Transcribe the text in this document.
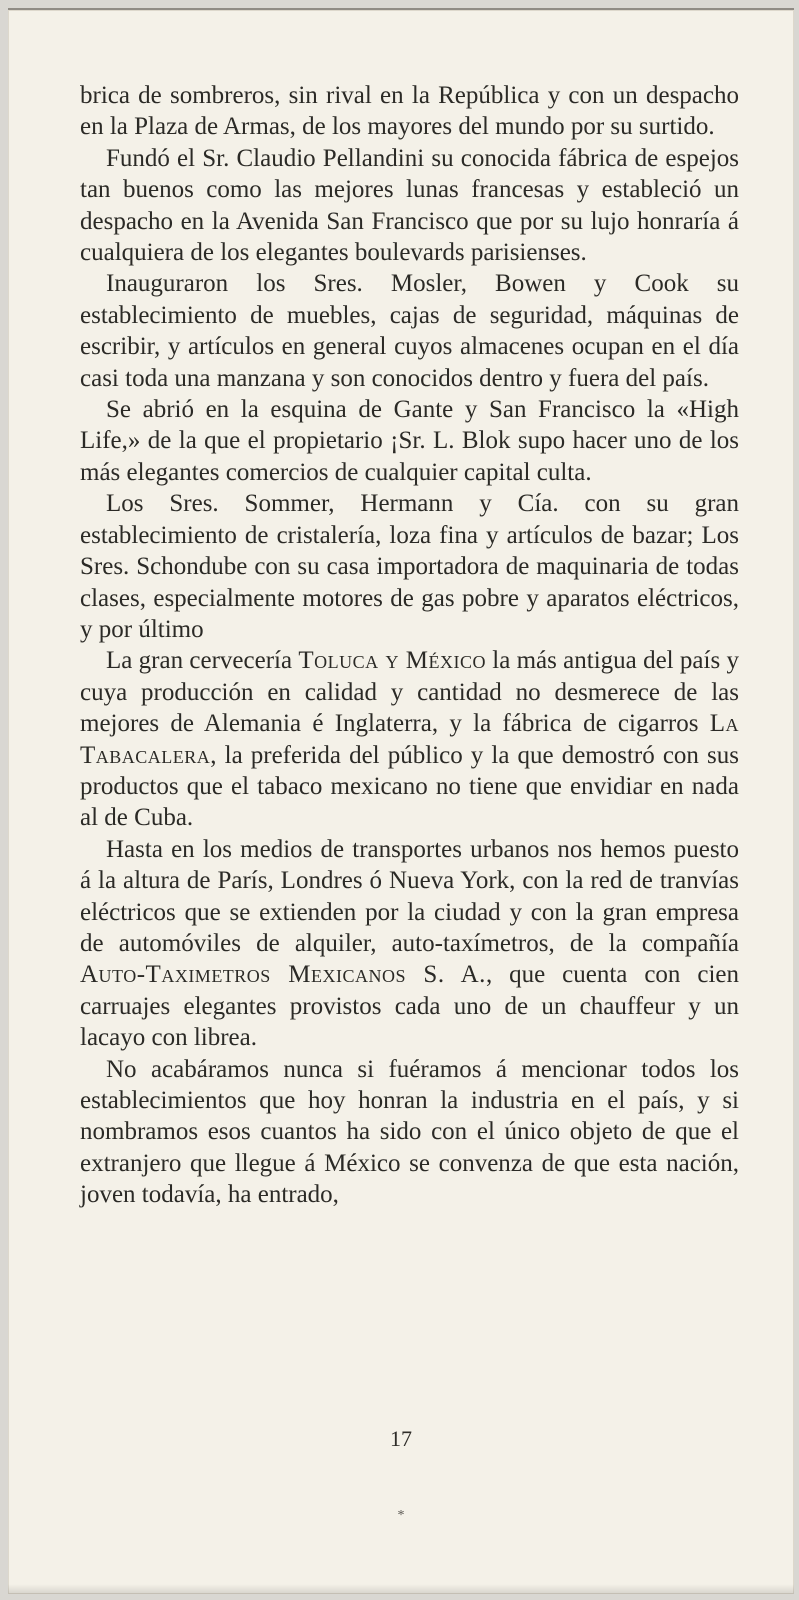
brica de sombreros, sin rival en la República y con un despacho en la Plaza de Armas, de los mayores del mundo por su surtido.

Fundó el Sr. Claudio Pellandini su conocida fábrica de espejos tan buenos como las mejores lunas francesas y estableció un despacho en la Avenida San Francisco que por su lujo honraría á cualquiera de los elegantes boulevards parisienses.

Inauguraron los Sres. Mosler, Bowen y Cook su establecimiento de muebles, cajas de seguridad, máquinas de escribir, y artículos en general cuyos almacenes ocupan en el día casi toda una manzana y son conocidos dentro y fuera del país.

Se abrió en la esquina de Gante y San Francisco la «High Life,» de la que el propietario ¡Sr. L. Blok supo hacer uno de los más elegantes comercios de cualquier capital culta.

Los Sres. Sommer, Hermann y Cía. con su gran establecimiento de cristalería, loza fina y artículos de bazar; Los Sres. Schondube con su casa importadora de maquinaria de todas clases, especialmente motores de gas pobre y aparatos eléctricos, y por último

La gran cervecería Toluca y México la más antigua del país y cuya producción en calidad y cantidad no desmerece de las mejores de Alemania é Inglaterra, y la fábrica de cigarros La Tabacalera, la preferida del público y la que demostró con sus productos que el tabaco mexicano no tiene que envidiar en nada al de Cuba.

Hasta en los medios de transportes urbanos nos hemos puesto á la altura de París, Londres ó Nueva York, con la red de tranvías eléctricos que se extienden por la ciudad y con la gran empresa de automóviles de alquiler, auto-taxímetros, de la compañía Auto-Taximetros Mexicanos S. A., que cuenta con cien carruajes elegantes provistos cada uno de un chauffeur y un lacayo con librea.

No acabáramos nunca si fuéramos á mencionar todos los establecimientos que hoy honran la industria en el país, y si nombramos esos cuantos ha sido con el único objeto de que el extranjero que llegue á México se convenza de que esta nación, joven todavía, ha entrado,

17
*
